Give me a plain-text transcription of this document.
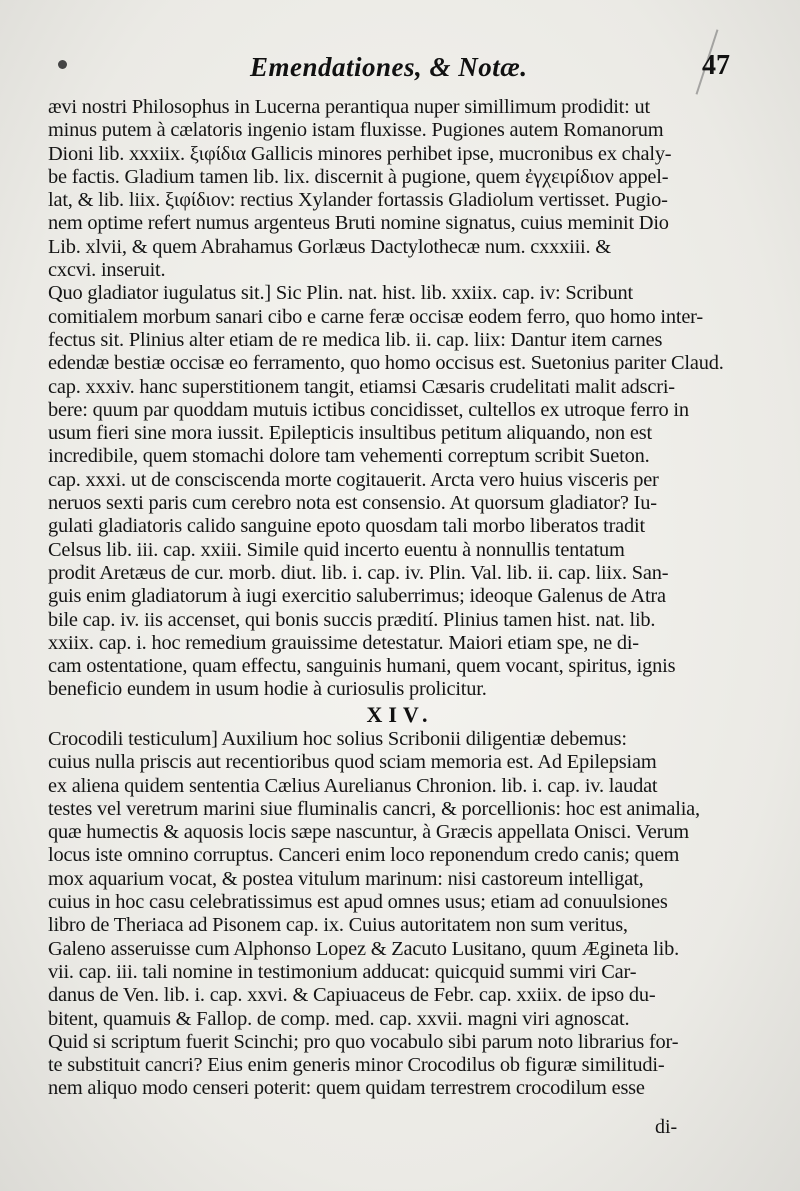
Emendationes, & Notæ.	47
ævi nostri Philosophus in Lucerna perantiqua nuper simillimum prodidit: ut
minus putem à cælatoris ingenio istam fluxisse. Pugiones autem Romanorum
Dioni lib. xxxiix. ξιφίδια Gallicis minores perhibet ipse, mucronibus ex chaly-
be factis. Gladium tamen lib. lix. discernit à pugione, quem ἐγχειρίδιον appel-
lat, & lib. liix. ξιφίδιον: rectius Xylander fortassis Gladiolum vertisset. Pugio-
nem optime refert numus argenteus Bruti nomine signatus, cuius meminit Dio
Lib. xlvii, & quem Abrahamus Gorlæus Dactylothecæ num. cxxxiii. &
cxcvi. inseruit.
Quo gladiator iugulatus sit.] Sic Plin. nat. hist. lib. xxiix. cap. iv: Scribunt
comitialem morbum sanari cibo e carne feræ occisæ eodem ferro, quo homo inter-
fectus sit. Plinius alter etiam de re medica lib. ii. cap. liix: Dantur item carnes
edendæ bestiæ occisæ eo ferramento, quo homo occisus est. Suetonius pariter Claud.
cap. xxxiv. hanc superstitionem tangit, etiamsi Cæsaris crudelitati malit adscri-
bere: quum par quoddam mutuis ictibus concidisset, cultellos ex utroque ferro in
usum fieri sine mora iussit. Epilepticis insultibus petitum aliquando, non est
incredibile, quem stomachi dolore tam vehementi correptum scribit Sueton.
cap. xxxi. ut de consciscenda morte cogitauerit. Arcta vero huius visceris per
neruos sexti paris cum cerebro nota est consensio. At quorsum gladiator? Iu-
gulati gladiatoris calido sanguine epoto quosdam tali morbo liberatos tradit
Celsus lib. iii. cap. xxiii. Simile quid incerto euentu à nonnullis tentatum
prodit Aretæus de cur. morb. diut. lib. i. cap. iv. Plin. Val. lib. ii. cap. liix. San-
guis enim gladiatorum à iugi exercitio saluberrimus; ideoque Galenus de Atra
bile cap. iv. iis accenset, qui bonis succis prædití. Plinius tamen hist. nat. lib.
xxiix. cap. i. hoc remedium grauissime detestatur. Maiori etiam spe, ne di-
cam ostentatione, quam effectu, sanguinis humani, quem vocant, spiritus, ignis
beneficio eundem in usum hodie à curiosulis prolicitur.
XIV.
Crocodili testiculum] Auxilium hoc solius Scribonii diligentiæ debemus:
cuius nulla priscis aut recentioribus quod sciam memoria est. Ad Epilepsiam
ex aliena quidem sententia Cælius Aurelianus Chronion. lib. i. cap. iv. laudat
testes vel veretrum marini siue fluminalis cancri, & porcellionis: hoc est animalia,
quæ humectis & aquosis locis sæpe nascuntur, à Græcis appellata Onisci. Verum
locus iste omnino corruptus. Canceri enim loco reponendum credo canis; quem
mox aquarium vocat, & postea vitulum marinum: nisi castoreum intelligat,
cuius in hoc casu celebratissimus est apud omnes usus; etiam ad conuulsiones
libro de Theriaca ad Pisonem cap. ix. Cuius autoritatem non sum veritus,
Galeno asseruisse cum Alphonso Lopez & Zacuto Lusitano, quum Ægineta lib.
vii. cap. iii. tali nomine in testimonium adducat: quicquid summi viri Car-
danus de Ven. lib. i. cap. xxvi. & Capiuaceus de Febr. cap. xxiix. de ipso du-
bitent, quamuis & Fallop. de comp. med. cap. xxvii. magni viri agnoscat.
Quid si scriptum fuerit Scinchi; pro quo vocabulo sibi parum noto librarius for-
te substituit cancri? Eius enim generis minor Crocodilus ob figuræ similitudi-
nem aliquo modo censeri poterit: quem quidam terrestrem crocodilum esse
di-
